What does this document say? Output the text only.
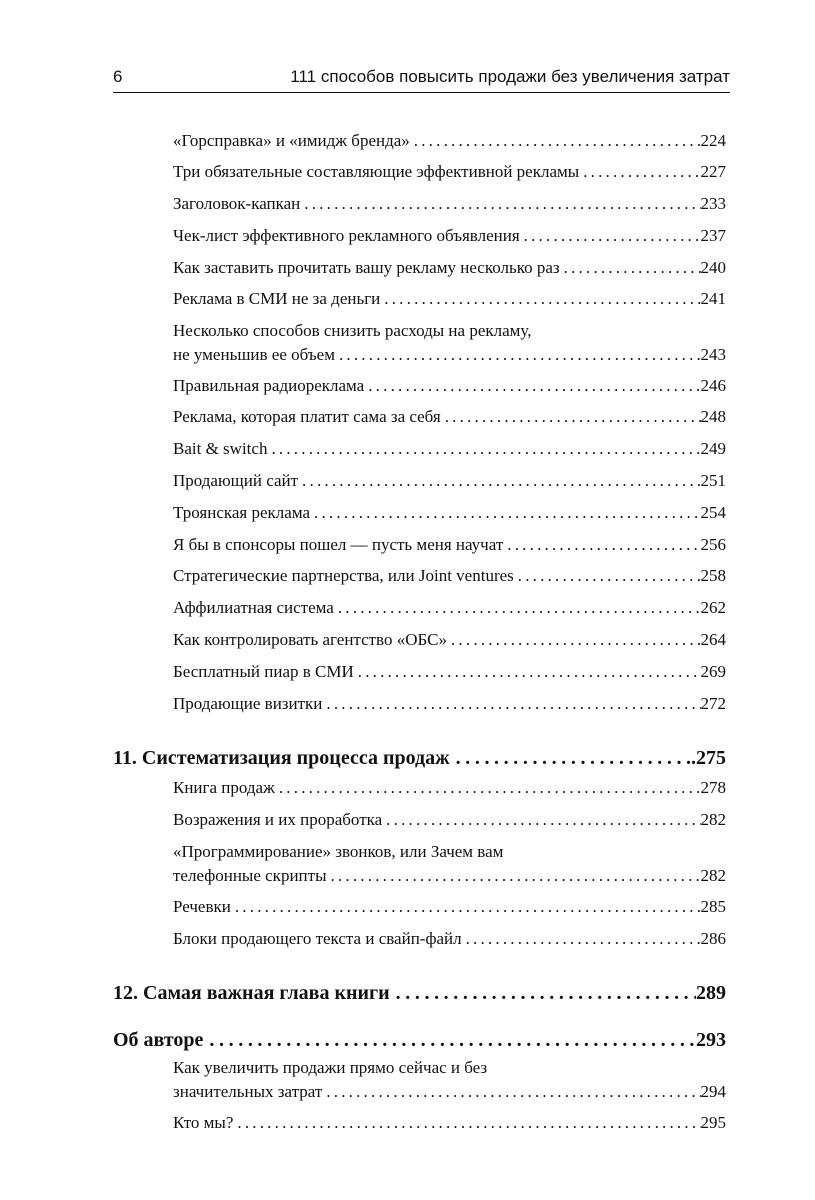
6	111 способов повысить продажи без увеличения затрат
«Горсправка» и «имидж бренда» .....	224
Три обязательные составляющие эффективной рекламы .....	227
Заголовок-капкан .....	233
Чек-лист эффективного рекламного объявления .....	237
Как заставить прочитать вашу рекламу несколько раз .....	240
Реклама в СМИ не за деньги .....	241
Несколько способов снизить расходы на рекламу,
не уменьшив ее объем .....	243
Правильная радиореклама .....	246
Реклама, которая платит сама за себя .....	248
Bait & switch .....	249
Продающий сайт .....	251
Троянская реклама .....	254
Я бы в спонсоры пошел — пусть меня научат .....	256
Стратегические партнерства, или Joint ventures .....	258
Аффилиатная система .....	262
Как контролировать агентство «ОБС» .....	264
Бесплатный пиар в СМИ .....	269
Продающие визитки .....	272
11. Систематизация процесса продаж .....	.275
Книга продаж .....	278
Возражения и их проработка .....	282
«Программирование» звонков, или Зачем вам
телефонные скрипты .....	282
Речевки .....	285
Блоки продающего текста и свайп-файл .....	286
12. Самая важная глава книги .....	289
Об авторе .....	293
Как увеличить продажи прямо сейчас и без
значительных затрат .....	294
Кто мы? .....	295
